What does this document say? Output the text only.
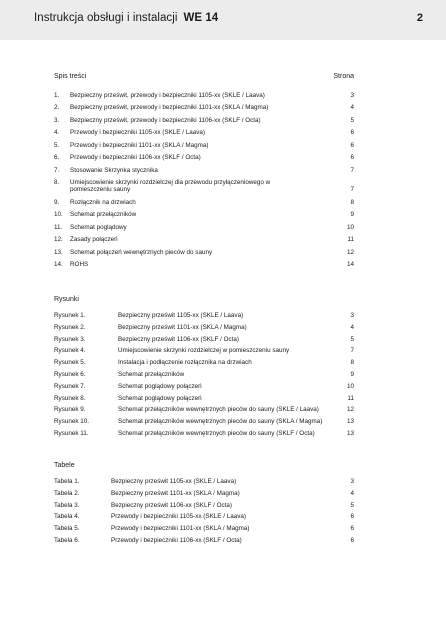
Instrukcja obsługi i instalacji WE 14	2
Spis treści	Strona
1. Bezpieczny prześwit, przewody i bezpieczniki 1105-xx (SKLE / Laava)	3
2. Bezpieczny prześwit, przewody i bezpieczniki 1101-xx (SKLA / Magma)	4
3. Bezpieczny prześwit, przewody i bezpieczniki 1106-xx (SKLF / Octa)	5
4. Przewody i bezpieczniki 1105-xx (SKLE / Laava)	6
5. Przewody i bezpieczniki 1101-xx (SKLA / Magma)	6
6. Przewody i bezpieczniki 1106-xx (SKLF / Octa)	6
7. Stosowanie Skrzynka stycznika	7
8. Umiejscowienie skrzynki rozdzielczej dla przewodu przyłączeniowego w
pomieszczeniu sauny	7
9. Rozłącznik na drzwiach	8
10. Schemat przełączników	9
11. Schemat poglądowy	10
12. Zasady połączeń	11
13. Schemat połączeń wewnętrznych pieców do sauny	12
14. ROHS	14
Rysunki
Rysunek 1.	Bezpieczny prześwit 1105-xx (SKLE / Laava)	3
Rysunek 2.	Bezpieczny prześwit 1101-xx (SKLA / Magma)	4
Rysunek 3.	Bezpieczny prześwit 1106-xx (SKLF / Octa)	5
Rysunek 4.	Umiejscowienie skrzynki rozdzielczej w pomieszczeniu sauny	7
Rysunek 5.	Instalacja i podłączenie rozłącznika na drzwiach	8
Rysunek 6.	Schemat przełączników	9
Rysunek 7.	Schemat poglądowy połączeń	10
Rysunek 8.	Schemat poglądowy połączeń	11
Rysunek 9.	Schemat przełączników wewnętrznych pieców do sauny (SKLE / Laava)	12
Rysunek 10.	Schemat przełączników wewnętrznych pieców do sauny (SKLA / Magma)	13
Rysunek 11.	Schemat przełączników wewnętrznych pieców do sauny (SKLF / Octa)	13
Tabele
Tabela 1.	Bezpieczny prześwit 1105-xx (SKLE / Laava)	3
Tabela 2.	Bezpieczny prześwit 1101-xx (SKLA / Magma)	4
Tabela 3.	Bezpieczny prześwit 1106-xx (SKLF / Octa)	5
Tabela 4.	Przewody i bezpieczniki 1105-xx (SKLE / Laava)	6
Tabela 5.	Przewody i bezpieczniki 1101-xx (SKLA / Magma)	6
Tabela 6.	Przewody i bezpieczniki 1106-xx (SKLF / Octa)	6
